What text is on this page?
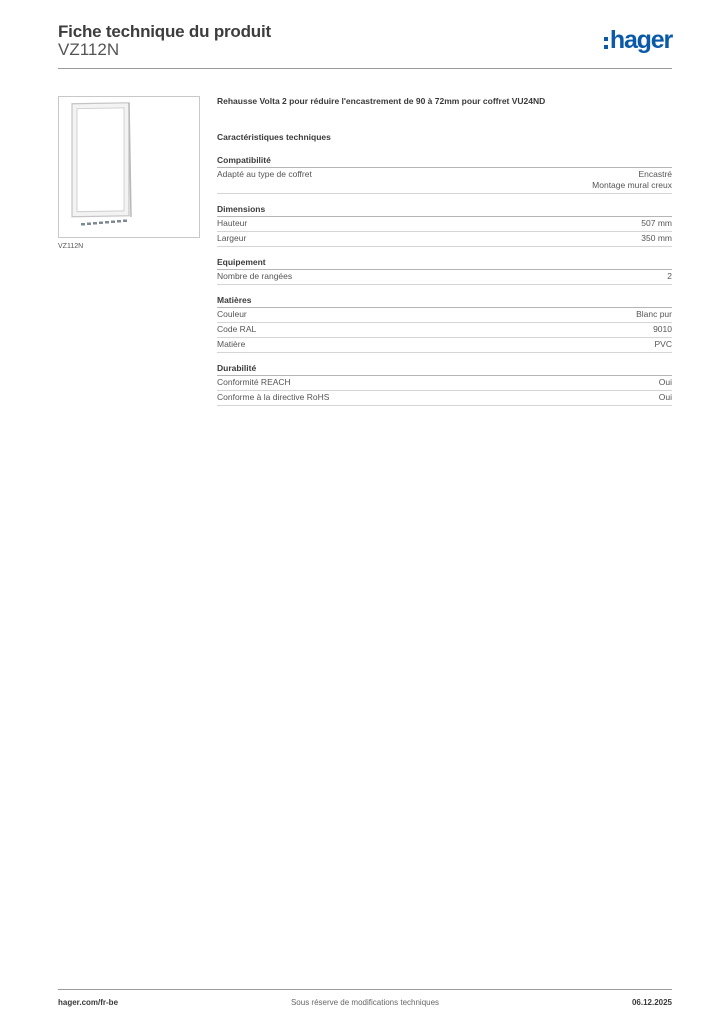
Fiche technique du produit
VZ112N	hager
VZ112N
Rehausse Volta 2 pour réduire l'encastrement de 90 à 72mm pour coffret VU24ND
Caractéristiques techniques
Compatibilité
Adapté au type de coffret	Encastré
Montage mural creux
Dimensions
Hauteur	507 mm
Largeur	350 mm
Equipement
Nombre de rangées	2
Matières
Couleur	Blanc pur
Code RAL	9010
Matière	PVC
Durabilité
Conformité REACH	Oui
Conforme à la directive RoHS	Oui
hager.com/fr-be	Sous réserve de modifications techniques	06.12.2025
